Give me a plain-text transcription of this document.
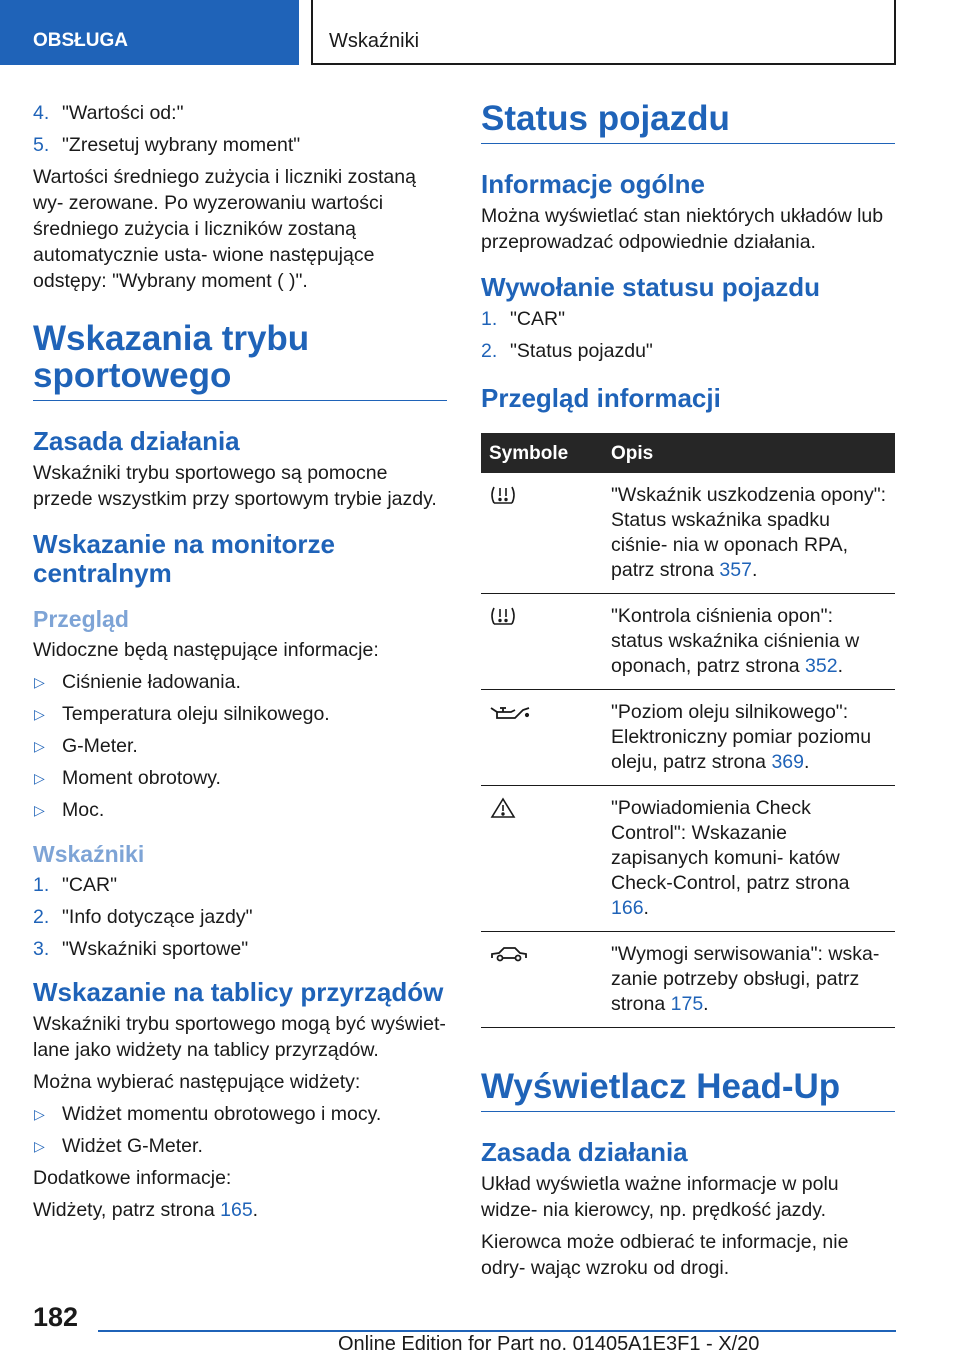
OBSŁUGA	Wskaźniki
4. "Wartości od:"
5. "Zresetuj wybrany moment"

Wartości średniego zużycia i liczniki zostaną wy‐ zerowane. Po wyzerowaniu wartości średniego zużycia i liczników zostaną automatycznie usta‐ wione następujące odstępy: "Wybrany moment ( )".

Wskazania trybu sportowego
Zasada działania

Wskaźniki trybu sportowego są pomocne przede wszystkim przy sportowym trybie jazdy.

Wskazanie na monitorze centralnym
Przegląd

Widoczne będą następujące informacje:

▷ Ciśnienie ładowania.
▷ Temperatura oleju silnikowego.
▷ G-Meter.
▷ Moment obrotowy.
▷ Moc.
Wskaźniki
1. "CAR"
2. "Info dotyczące jazdy"
3. "Wskaźniki sportowe"
Wskazanie na tablicy przyrządów

Wskaźniki trybu sportowego mogą być wyświet‐ lane jako widżety na tablicy przyrządów.

Można wybierać następujące widżety:

▷ Widżet momentu obrotowego i mocy.
▷ Widżet G-Meter.

Dodatkowe informacje:

Widżety, patrz strona 165.

Status pojazdu
Informacje ogólne

Można wyświetlać stan niektórych układów lub przeprowadzać odpowiednie działania.

Wywołanie statusu pojazdu
1. "CAR"
2. "Status pojazdu"
Przegląd informacji
Symbole	Opis

	"Wskaźnik uszkodzenia opony": Status wskaźnika spadku ciśnie‐ nia w oponach RPA, patrz strona 357.

	"Kontrola ciśnienia opon": status wskaźnika ciśnienia w oponach, patrz strona 352.

	"Poziom oleju silnikowego": Elektroniczny pomiar poziomu oleju, patrz strona 369.

	"Powiadomienia Check Control": Wskazanie zapisanych komuni‐ katów Check-Control, patrz strona 166.

	"Wymogi serwisowania": wska‐ zanie potrzeby obsługi, patrz strona 175.
Wyświetlacz Head-Up
Zasada działania

Układ wyświetla ważne informacje w polu widze‐ nia kierowcy, np. prędkość jazdy.

Kierowca może odbierać te informacje, nie odry‐ wając wzroku od drogi.

182
Online Edition for Part no. 01405A1E3F1 - X/20
